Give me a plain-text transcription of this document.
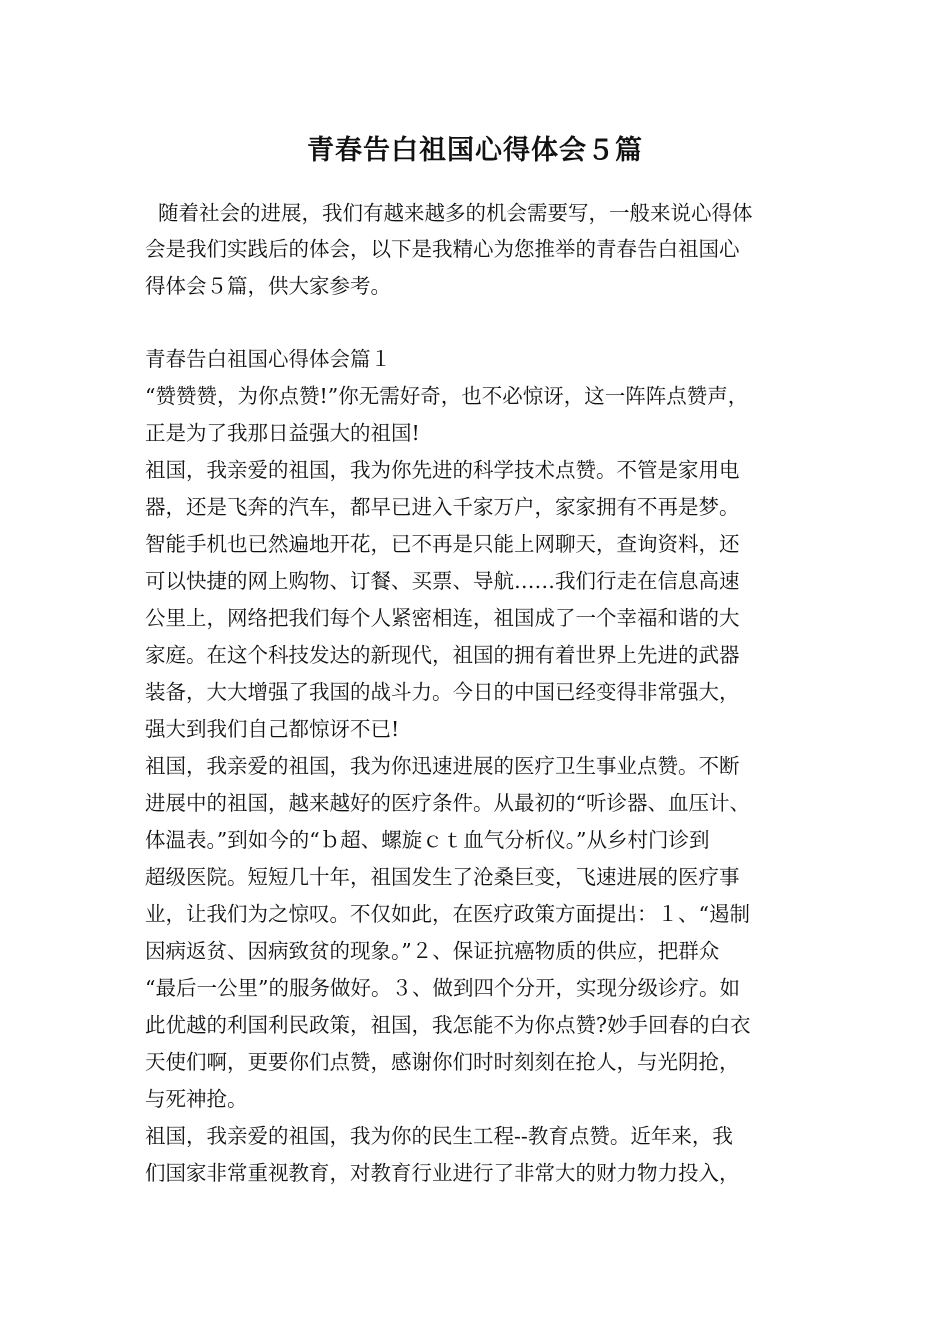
青春告白祖国心得体会５篇
随着社会的进展，我们有越来越多的机会需要写，一般来说心得体
会是我们实践后的体会，以下是我精心为您推举的青春告白祖国心
得体会５篇，供大家参考。
青春告白祖国心得体会篇１
“赞赞赞，为你点赞!”你无需好奇，也不必惊讶，这一阵阵点赞声，
正是为了我那日益强大的祖国!
祖国，我亲爱的祖国，我为你先进的科学技术点赞。不管是家用电
器，还是飞奔的汽车，都早已进入千家万户，家家拥有不再是梦。
智能手机也已然遍地开花，已不再是只能上网聊天，查询资料，还
可以快捷的网上购物、订餐、买票、导航……我们行走在信息高速
公里上，网络把我们每个人紧密相连，祖国成了一个幸福和谐的大
家庭。在这个科技发达的新现代，祖国的拥有着世界上先进的武器
装备，大大增强了我国的战斗力。今日的中国已经变得非常强大，
强大到我们自己都惊讶不已!
祖国，我亲爱的祖国，我为你迅速进展的医疗卫生事业点赞。不断
进展中的祖国，越来越好的医疗条件。从最初的“听诊器、血压计、
体温表。”到如今的“ｂ超、螺旋ｃｔ血气分析仪。”从乡村门诊到
超级医院。短短几十年，祖国发生了沧桑巨变，飞速进展的医疗事
业，让我们为之惊叹。不仅如此，在医疗政策方面提出：１、“遏制
因病返贫、因病致贫的现象。”２、保证抗癌物质的供应，把群众
“最后一公里”的服务做好。３、做到四个分开，实现分级诊疗。如
此优越的利国利民政策，祖国，我怎能不为你点赞?妙手回春的白衣
天使们啊，更要你们点赞，感谢你们时时刻刻在抢人，与光阴抢，
与死神抢。
祖国，我亲爱的祖国，我为你的民生工程--教育点赞。近年来，我
们国家非常重视教育，对教育行业进行了非常大的财力物力投入，
